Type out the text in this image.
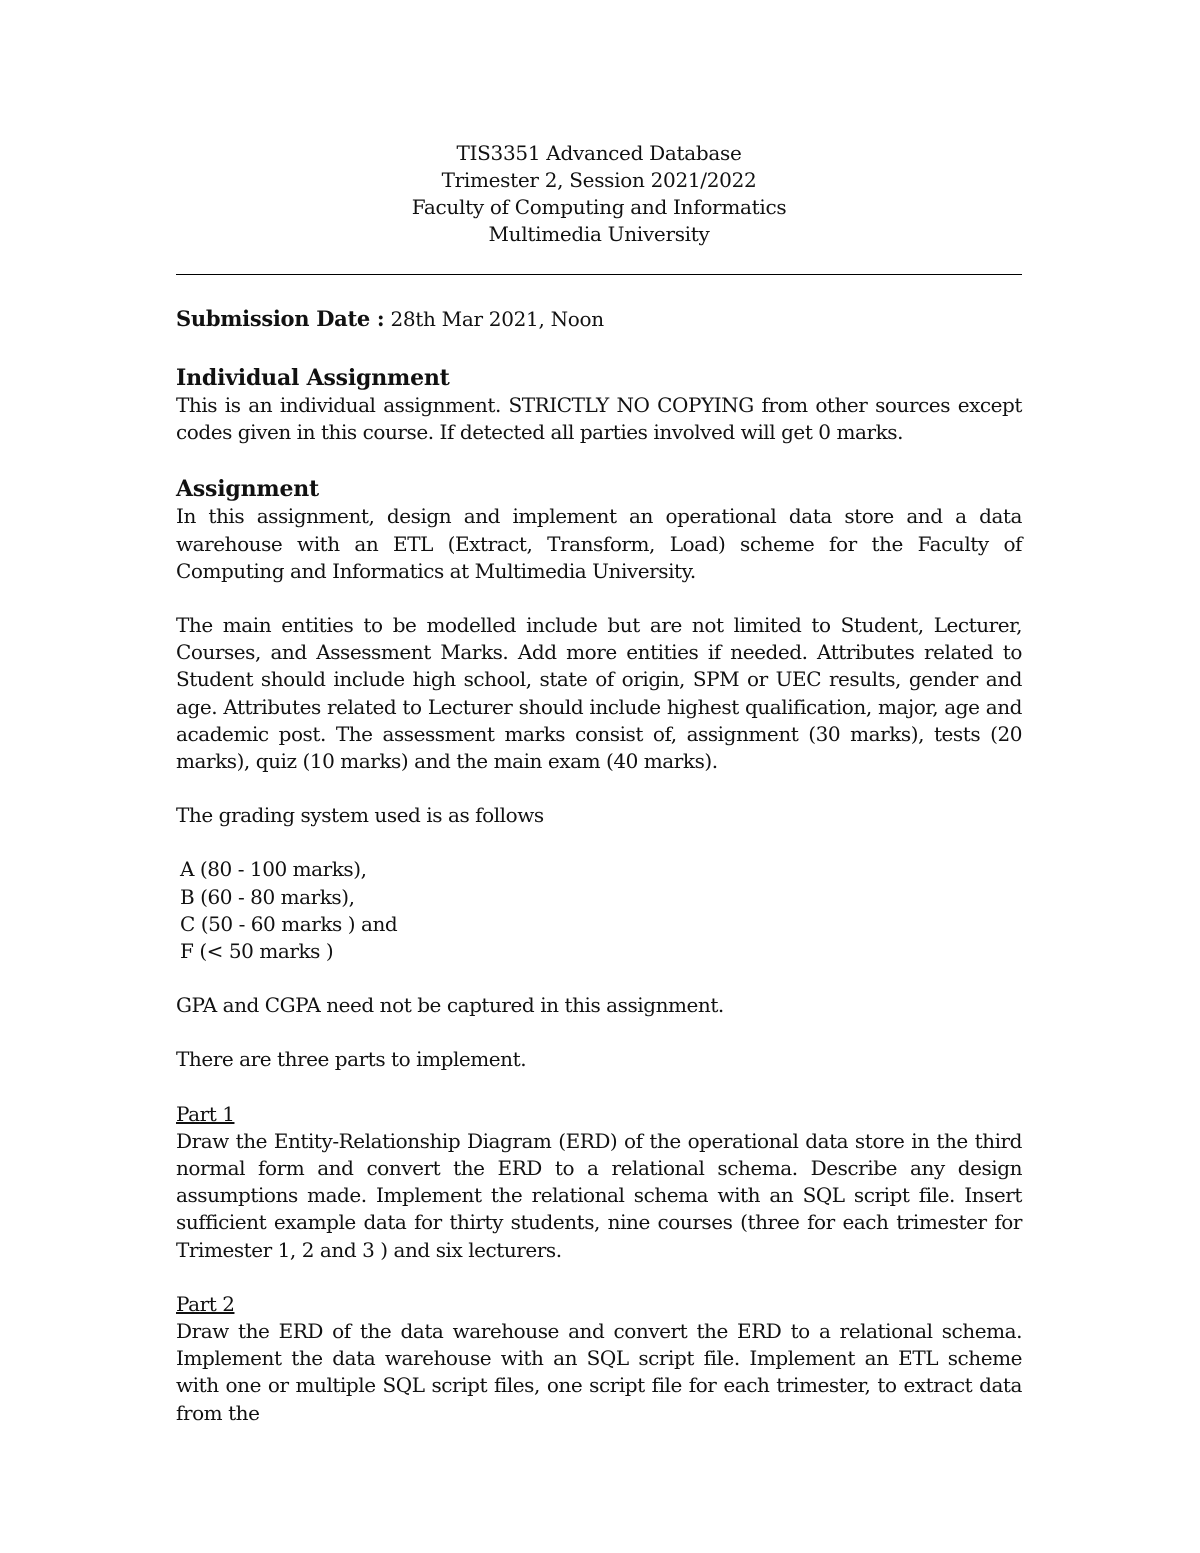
TIS3351 Advanced Database
Trimester 2, Session 2021/2022
Faculty of Computing and Informatics
Multimedia University
Submission Date : 28th Mar 2021, Noon
Individual Assignment

This is an individual assignment. STRICTLY NO COPYING from other sources except codes given in this course. If detected all parties involved will get 0 marks.

Assignment

In this assignment, design and implement an operational data store and a data warehouse with an ETL (Extract, Transform, Load) scheme for the Faculty of Computing and Informatics at Multimedia University.

The main entities to be modelled include but are not limited to Student, Lecturer, Courses, and Assessment Marks. Add more entities if needed. Attributes related to Student should include high school, state of origin, SPM or UEC results, gender and age. Attributes related to Lecturer should include highest qualification, major, age and academic post. The assessment marks consist of, assignment (30 marks), tests (20 marks), quiz (10 marks) and the main exam (40 marks).

The grading system used is as follows

A (80 - 100 marks),

B (60 - 80 marks),

C (50 - 60 marks ) and

F (< 50 marks )

GPA and CGPA need not be captured in this assignment.

There are three parts to implement.

Part 1

Draw the Entity-Relationship Diagram (ERD) of the operational data store in the third normal form and convert the ERD to a relational schema. Describe any design assumptions made. Implement the relational schema with an SQL script file. Insert sufficient example data for thirty students, nine courses (three for each trimester for Trimester 1, 2 and 3 ) and six lecturers.

Part 2

Draw the ERD of the data warehouse and convert the ERD to a relational schema. Implement the data warehouse with an SQL script file. Implement an ETL scheme with one or multiple SQL script files, one script file for each trimester, to extract data from the
